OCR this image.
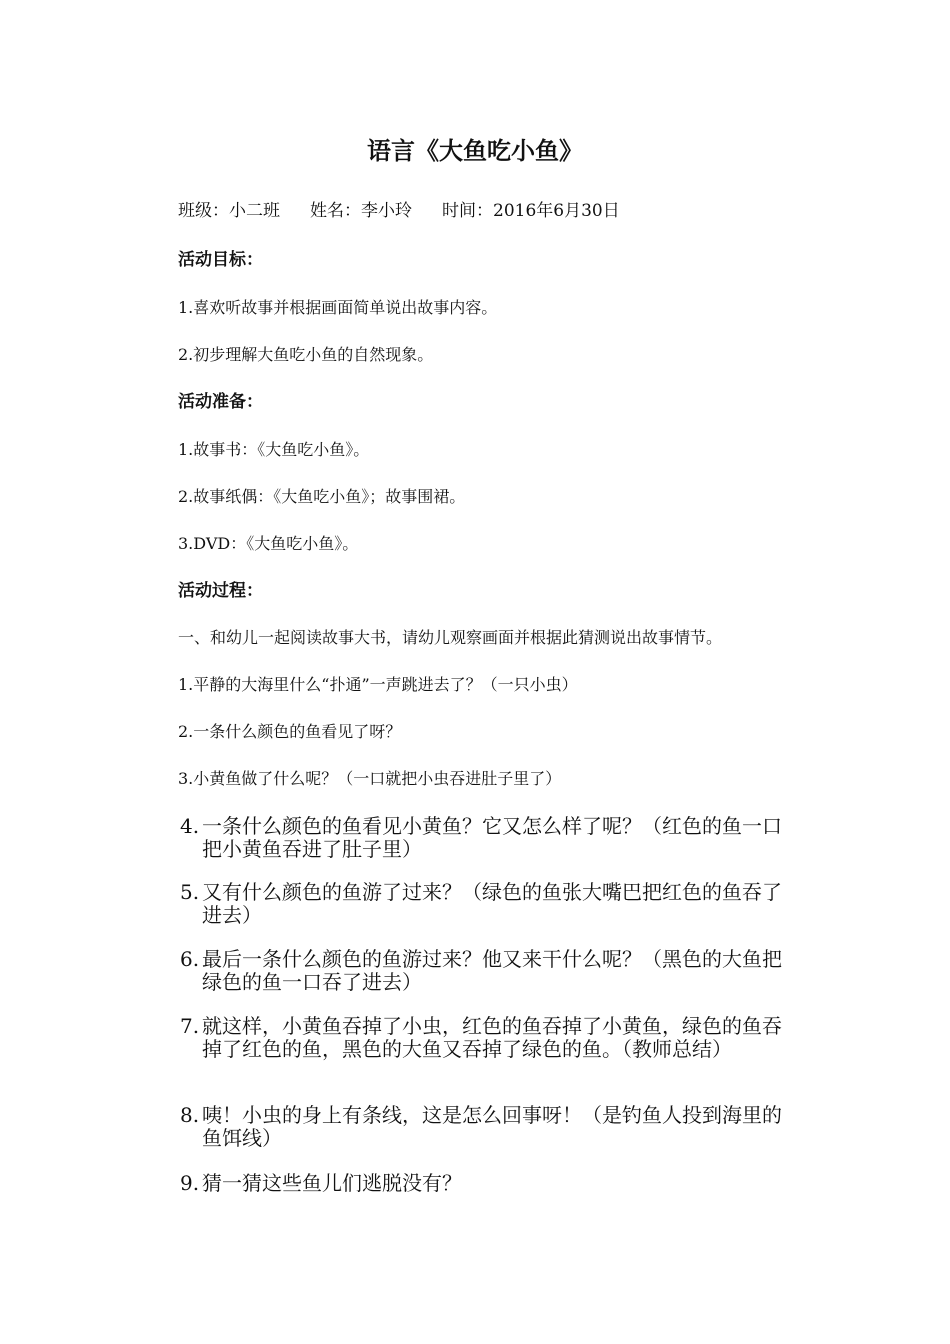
语言《大鱼吃小鱼》
班级：小二班 姓名：李小玲 时间：2016年6月30日
活动目标：

1.喜欢听故事并根据画面简单说出故事内容。

2.初步理解大鱼吃小鱼的自然现象。

活动准备：

1.故事书：《大鱼吃小鱼》。

2.故事纸偶：《大鱼吃小鱼》；故事围裙。

3.DVD：《大鱼吃小鱼》。

活动过程：

一、和幼儿一起阅读故事大书，请幼儿观察画面并根据此猜测说出故事情节。

1.平静的大海里什么“扑通”一声跳进去了？（一只小虫）

2.一条什么颜色的鱼看见了呀？

3.小黄鱼做了什么呢？（一口就把小虫吞进肚子里了）

4. 一条什么颜色的鱼看见小黄鱼？它又怎么样了呢？（红色的鱼一口把小黄鱼吞进了肚子里）
5. 又有什么颜色的鱼游了过来？（绿色的鱼张大嘴巴把红色的鱼吞了进去）
6. 最后一条什么颜色的鱼游过来？他又来干什么呢？（黑色的大鱼把绿色的鱼一口吞了进去）
7. 就这样，小黄鱼吞掉了小虫，红色的鱼吞掉了小黄鱼，绿色的鱼吞掉了红色的鱼，黑色的大鱼又吞掉了绿色的鱼。（教师总结）
8. 咦！小虫的身上有条线，这是怎么回事呀！（是钓鱼人投到海里的鱼饵线）
9. 猜一猜这些鱼儿们逃脱没有？
